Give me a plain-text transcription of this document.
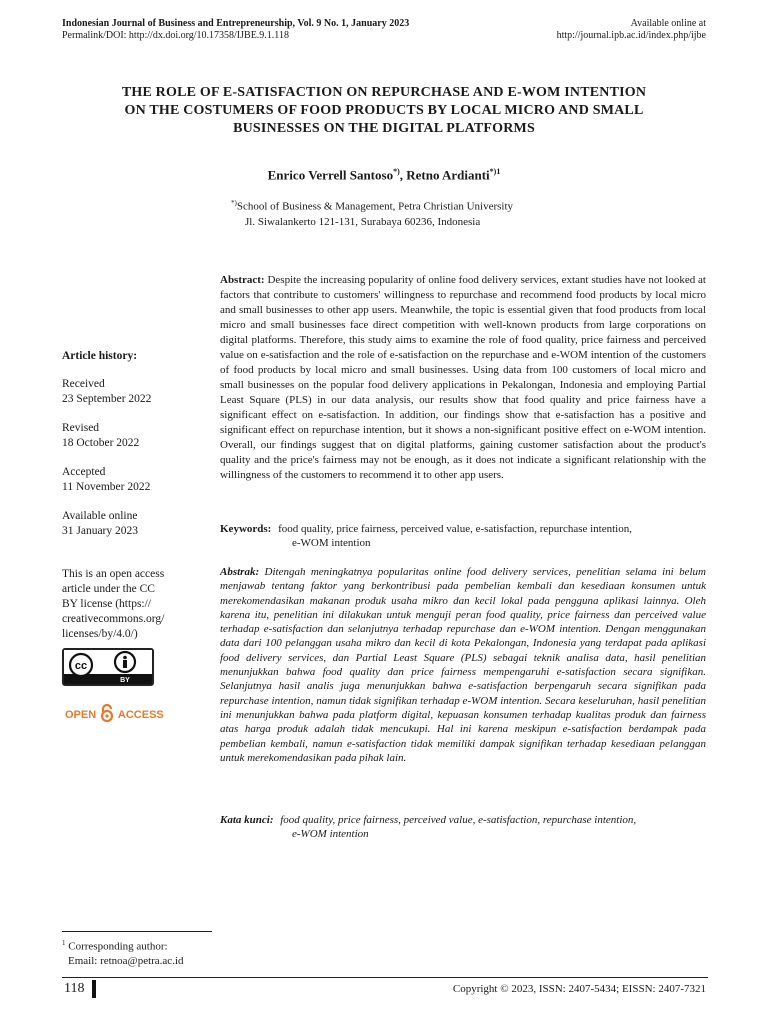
Indonesian Journal of Business and Entrepreneurship, Vol. 9 No. 1, January 2023
Permalink/DOI: http://dx.doi.org/10.17358/IJBE.9.1.118
Available online at
http://journal.ipb.ac.id/index.php/ijbe
THE ROLE OF E-SATISFACTION ON REPURCHASE AND E-WOM INTENTION
ON THE COSTUMERS OF FOOD PRODUCTS BY LOCAL MICRO AND SMALL
BUSINESSES ON THE DIGITAL PLATFORMS
Enrico Verrell Santoso*), Retno Ardianti$^{*)1}$
*)School of Business & Management, Petra Christian University
Jl. Siwalankerto 121-131, Surabaya 60236, Indonesia
Abstract: Despite the increasing popularity of online food delivery services, extant studies have not looked at factors that contribute to customers' willingness to repurchase and recommend food products by local micro and small businesses to other app users. Meanwhile, the topic is essential given that food products from local micro and small businesses face direct competition with well-known products from large corporations on digital platforms. Therefore, this study aims to examine the role of food quality, price fairness and perceived value on e-satisfaction and the role of e-satisfaction on the repurchase and e-WOM intention of the customers of food products by local micro and small businesses. Using data from 100 customers of local micro and small businesses on the popular food delivery applications in Pekalongan, Indonesia and employing Partial Least Square (PLS) in our data analysis, our results show that food quality and price fairness have a significant effect on e-satisfaction. In addition, our findings show that e-satisfaction has a positive and significant effect on repurchase intention, but it shows a non-significant positive effect on e-WOM intention. Overall, our findings suggest that on digital platforms, gaining customer satisfaction about the product's quality and the price's fairness may not be enough, as it does not indicate a significant relationship with the willingness of the customers to recommend it to other app users.
Keywords: food quality, price fairness, perceived value, e-satisfaction, repurchase intention,
e-WOM intention
Abstrak: Ditengah meningkatnya popularitas online food delivery services, penelitian selama ini belum menjawab tentang faktor yang berkontribusi pada pembelian kembali dan kesediaan konsumen untuk merekomendasikan makanan produk usaha mikro dan kecil lokal pada pengguna aplikasi lainnya. Oleh karena itu, penelitian ini dilakukan untuk menguji peran food quality, price fairness dan perceived value terhadap e-satisfaction dan selanjutnya terhadap repurchase dan e-WOM intention. Dengan menggunakan data dari 100 pelanggan usaha mikro dan kecil di kota Pekalongan, Indonesia yang terdapat pada aplikasi food delivery services, dan Partial Least Square (PLS) sebagai teknik analisa data, hasil penelitian menunjukkan bahwa food quality dan price fairness mempengaruhi e-satisfaction secara signifikan. Selanjutnya hasil analis juga menunjukkan bahwa e-satisfaction berpengaruh secara signifikan pada repurchase intention, namun tidak signifikan terhadap e-WOM intention. Secara keseluruhan, hasil penelitian ini menunjukkan bahwa pada platform digital, kepuasan konsumen terhadap kualitas produk dan fairness atas harga produk adalah tidak mencukupi. Hal ini karena meskipun e-satisfaction berdampak pada pembelian kembali, namun e-satisfaction tidak memiliki dampak signifikan terhadap kesediaan pelanggan untuk merekomendasikan pada pihak lain.
Kata kunci: food quality, price fairness, perceived value, e-satisfaction, repurchase intention,
e-WOM intention
Article history:
Received
23 September 2022
Revised
18 October 2022
Accepted
11 November 2022
Available online
31 January 2023
This is an open access
article under the CC
BY license (https://
creativecommons.org/
licenses/by/4.0/)
cc
BY
OPEN ACCESS
$^1$ Corresponding author:
Email: retnoa@petra.ac.id
118	Copyright © 2023, ISSN: 2407-5434; EISSN: 2407-7321
